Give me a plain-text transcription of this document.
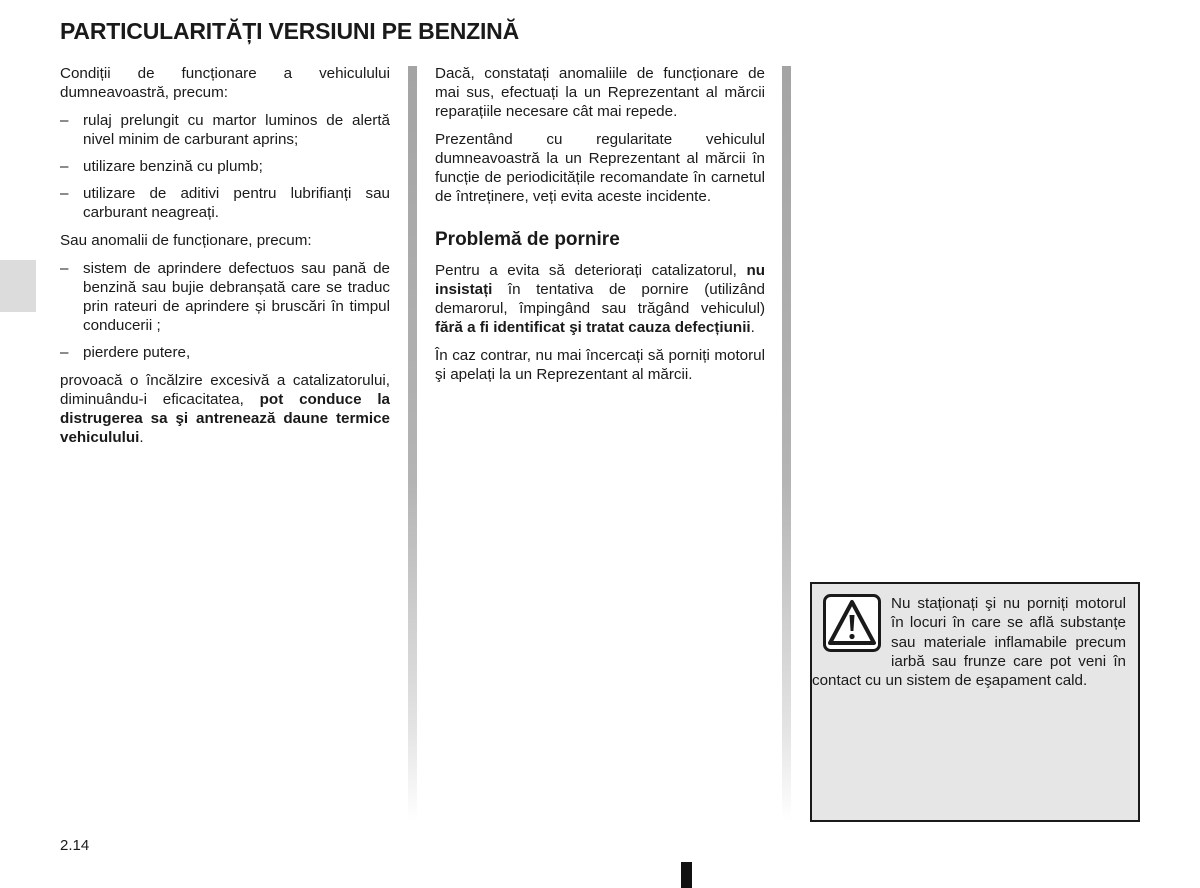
PARTICULARITĂȚI VERSIUNI PE BENZINĂ

Condiții de funcționare a vehiculului dumneavoastră, precum:

– rulaj prelungit cu martor luminos de alertă nivel minim de carburant aprins;
– utilizare benzină cu plumb;
– utilizare de aditivi pentru lubrifianți sau carburant neagreați.

Sau anomalii de funcționare, precum:

– sistem de aprindere defectuos sau pană de benzină sau bujie debranșată care se traduc prin rateuri de aprindere și bruscări în timpul conducerii ;
– pierdere putere,

provoacă o încălzire excesivă a catalizatorului, diminuându-i eficacitatea, pot conduce la distrugerea sa şi antrenează daune termice vehiculului.

Dacă, constatați anomaliile de funcționare de mai sus, efectuați la un Reprezentant al mărcii reparațiile necesare cât mai repede.

Prezentând cu regularitate vehiculul dumneavoastră la un Reprezentant al mărcii în funcție de periodicitățile recomandate în carnetul de întreținere, veți evita aceste incidente.

Problemă de pornire

Pentru a evita să deteriorați catalizatorul, nu insistați în tentativa de pornire (utilizând demarorul, împingând sau trăgând vehiculul) fără a fi identificat şi tratat cauza defecțiunii.

În caz contrar, nu mai încercați să porniți motorul şi apelați la un Reprezentant al mărcii.

Nu staționați şi nu porniți motorul în locuri în care se află substanțe sau materiale inflamabile precum iarbă sau frunze care pot veni în contact cu un sistem de eşapament cald.

2.14
